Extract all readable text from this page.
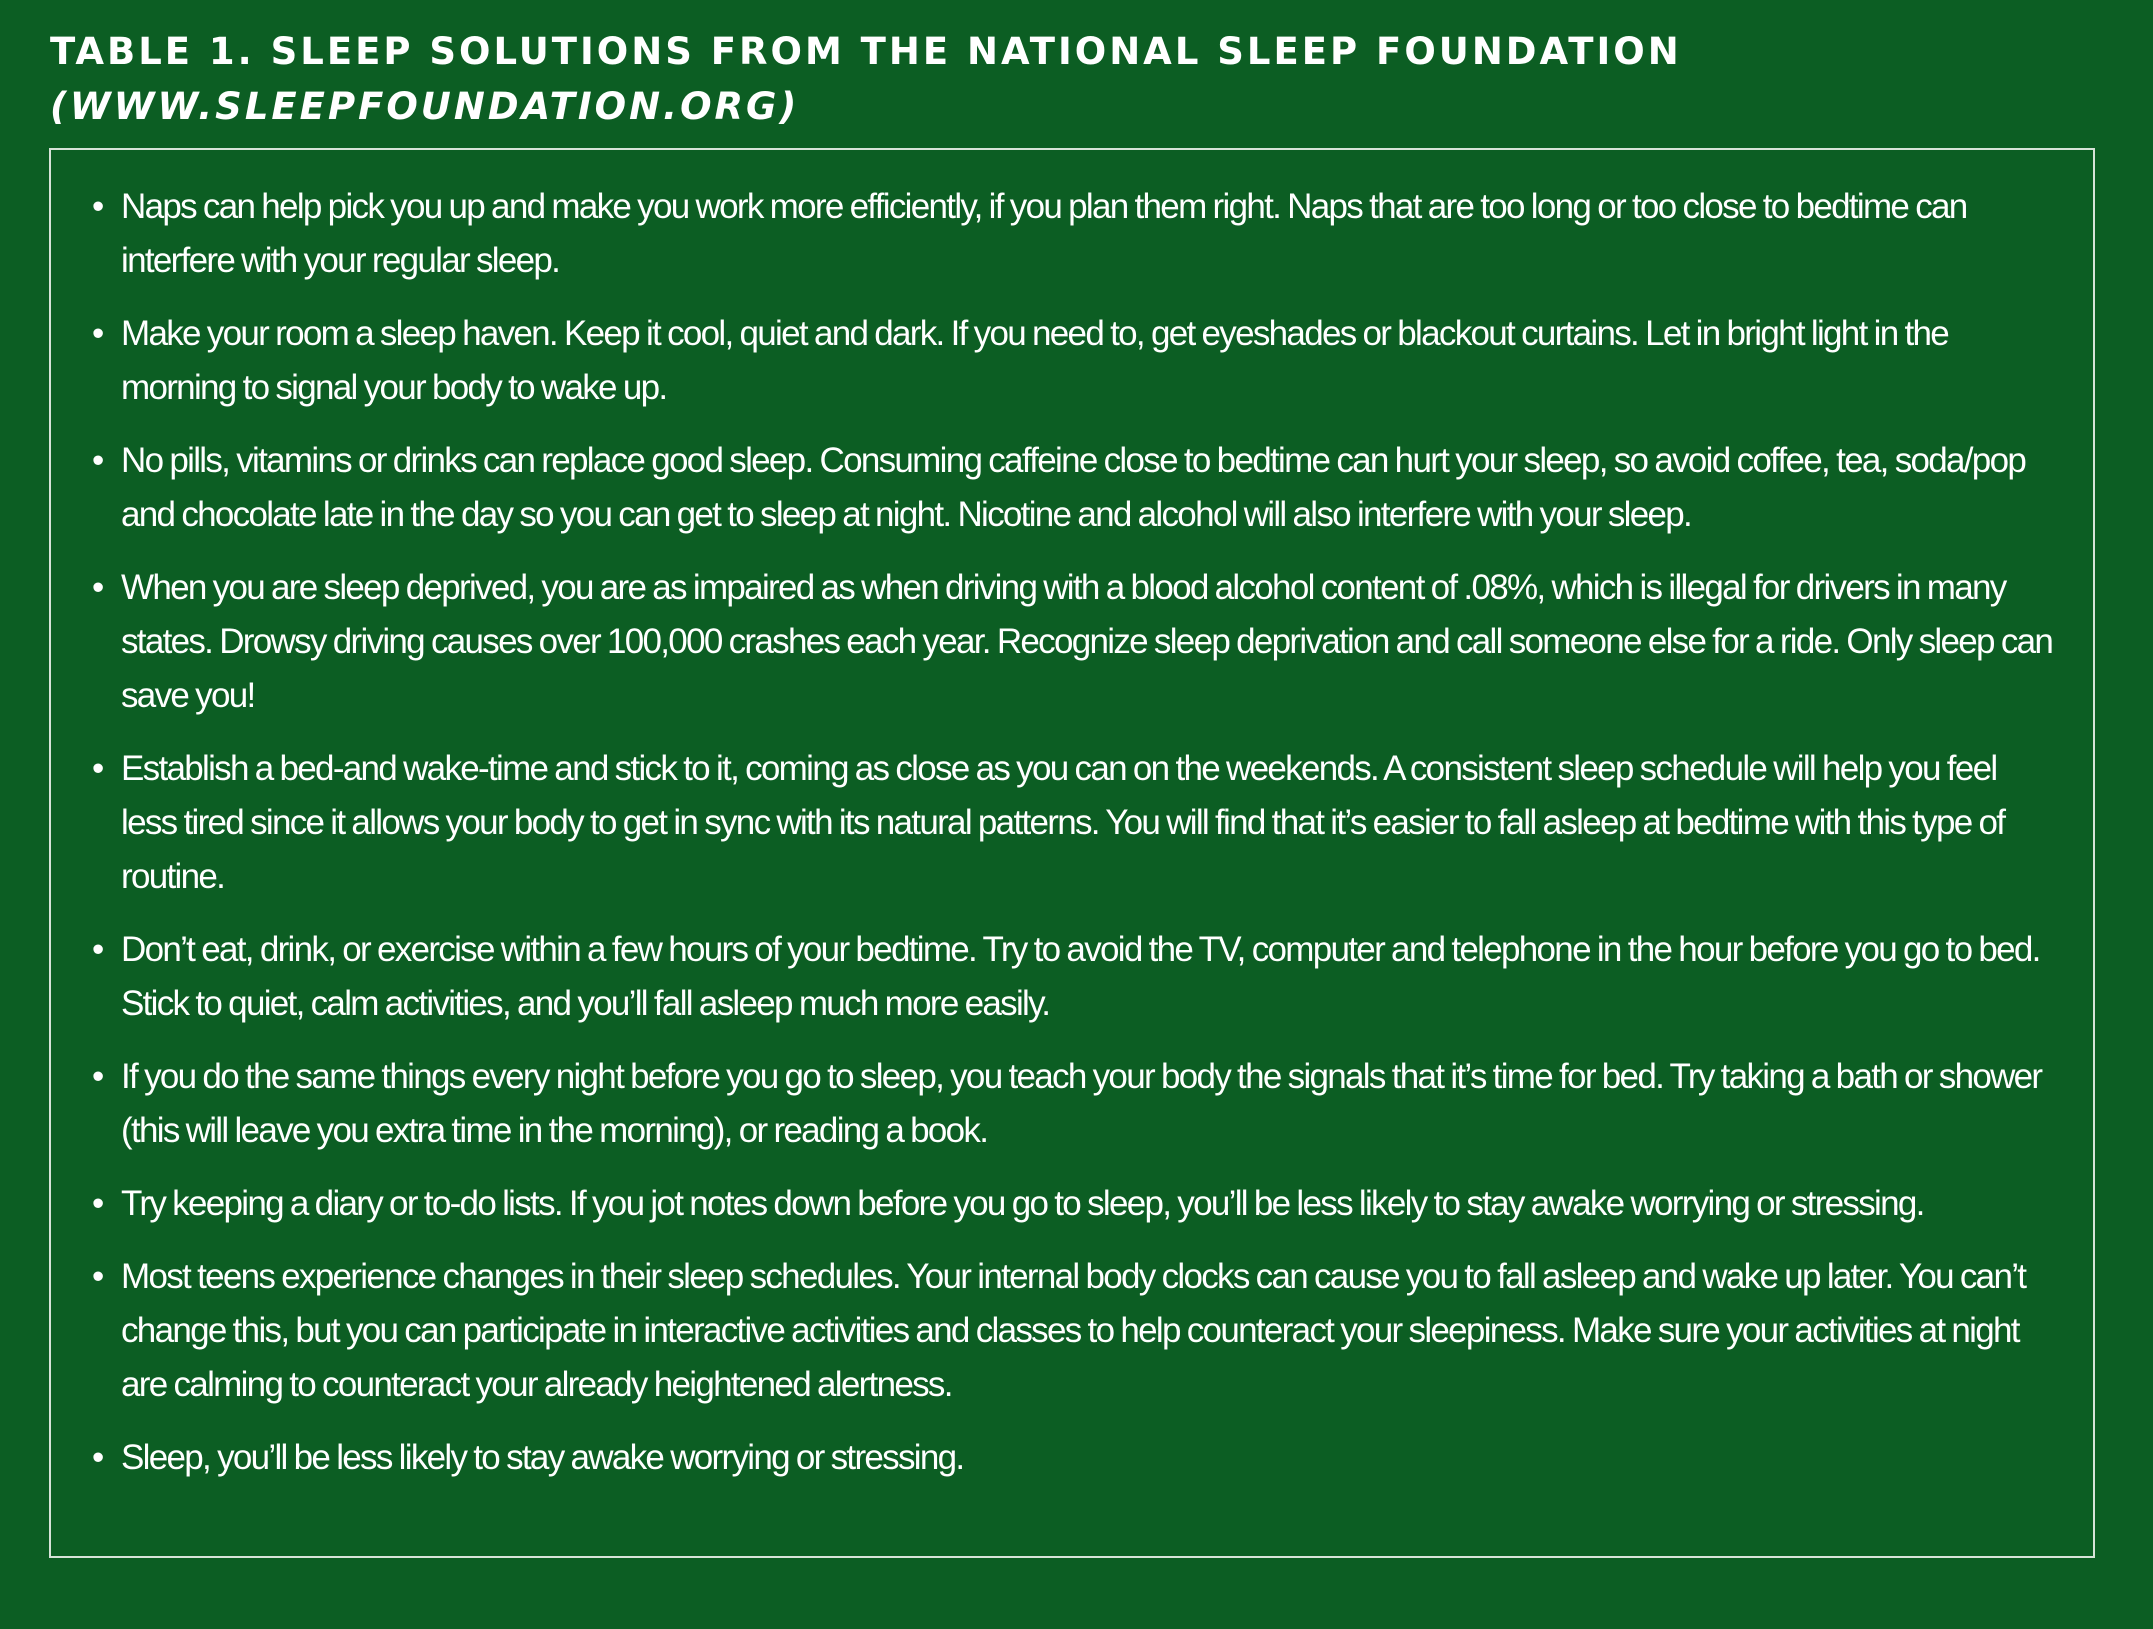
TABLE 1. SLEEP SOLUTIONS FROM THE NATIONAL SLEEP FOUNDATION
(WWW.SLEEPFOUNDATION.ORG)
• Naps can help pick you up and make you work more efficiently, if you plan them right. Naps that are too long or too close to bedtime can interfere with your regular sleep.
• Make your room a sleep haven. Keep it cool, quiet and dark. If you need to, get eyeshades or blackout curtains. Let in bright light in the morning to signal your body to wake up.
• No pills, vitamins or drinks can replace good sleep. Consuming caffeine close to bedtime can hurt your sleep, so avoid coffee, tea, soda/pop and chocolate late in the day so you can get to sleep at night. Nicotine and alcohol will also interfere with your sleep.
• When you are sleep deprived, you are as impaired as when driving with a blood alcohol content of .08%, which is illegal for drivers in many states. Drowsy driving causes over 100,000 crashes each year. Recognize sleep deprivation and call someone else for a ride. Only sleep can save you!
• Establish a bed-and wake-time and stick to it, coming as close as you can on the weekends. A consistent sleep schedule will help you feel less tired since it allows your body to get in sync with its natural patterns. You will find that it’s easier to fall asleep at bedtime with this type of routine.
• Don’t eat, drink, or exercise within a few hours of your bedtime. Try to avoid the TV, computer and telephone in the hour before you go to bed. Stick to quiet, calm activities, and you’ll fall asleep much more easily.
• If you do the same things every night before you go to sleep, you teach your body the signals that it’s time for bed. Try taking a bath or shower (this will leave you extra time in the morning), or reading a book.
• Try keeping a diary or to-do lists. If you jot notes down before you go to sleep, you’ll be less likely to stay awake worrying or stressing.
• Most teens experience changes in their sleep schedules. Your internal body clocks can cause you to fall asleep and wake up later. You can’t change this, but you can participate in interactive activities and classes to help counteract your sleepiness. Make sure your activities at night are calming to counteract your already heightened alertness.
• Sleep, you’ll be less likely to stay awake worrying or stressing.
